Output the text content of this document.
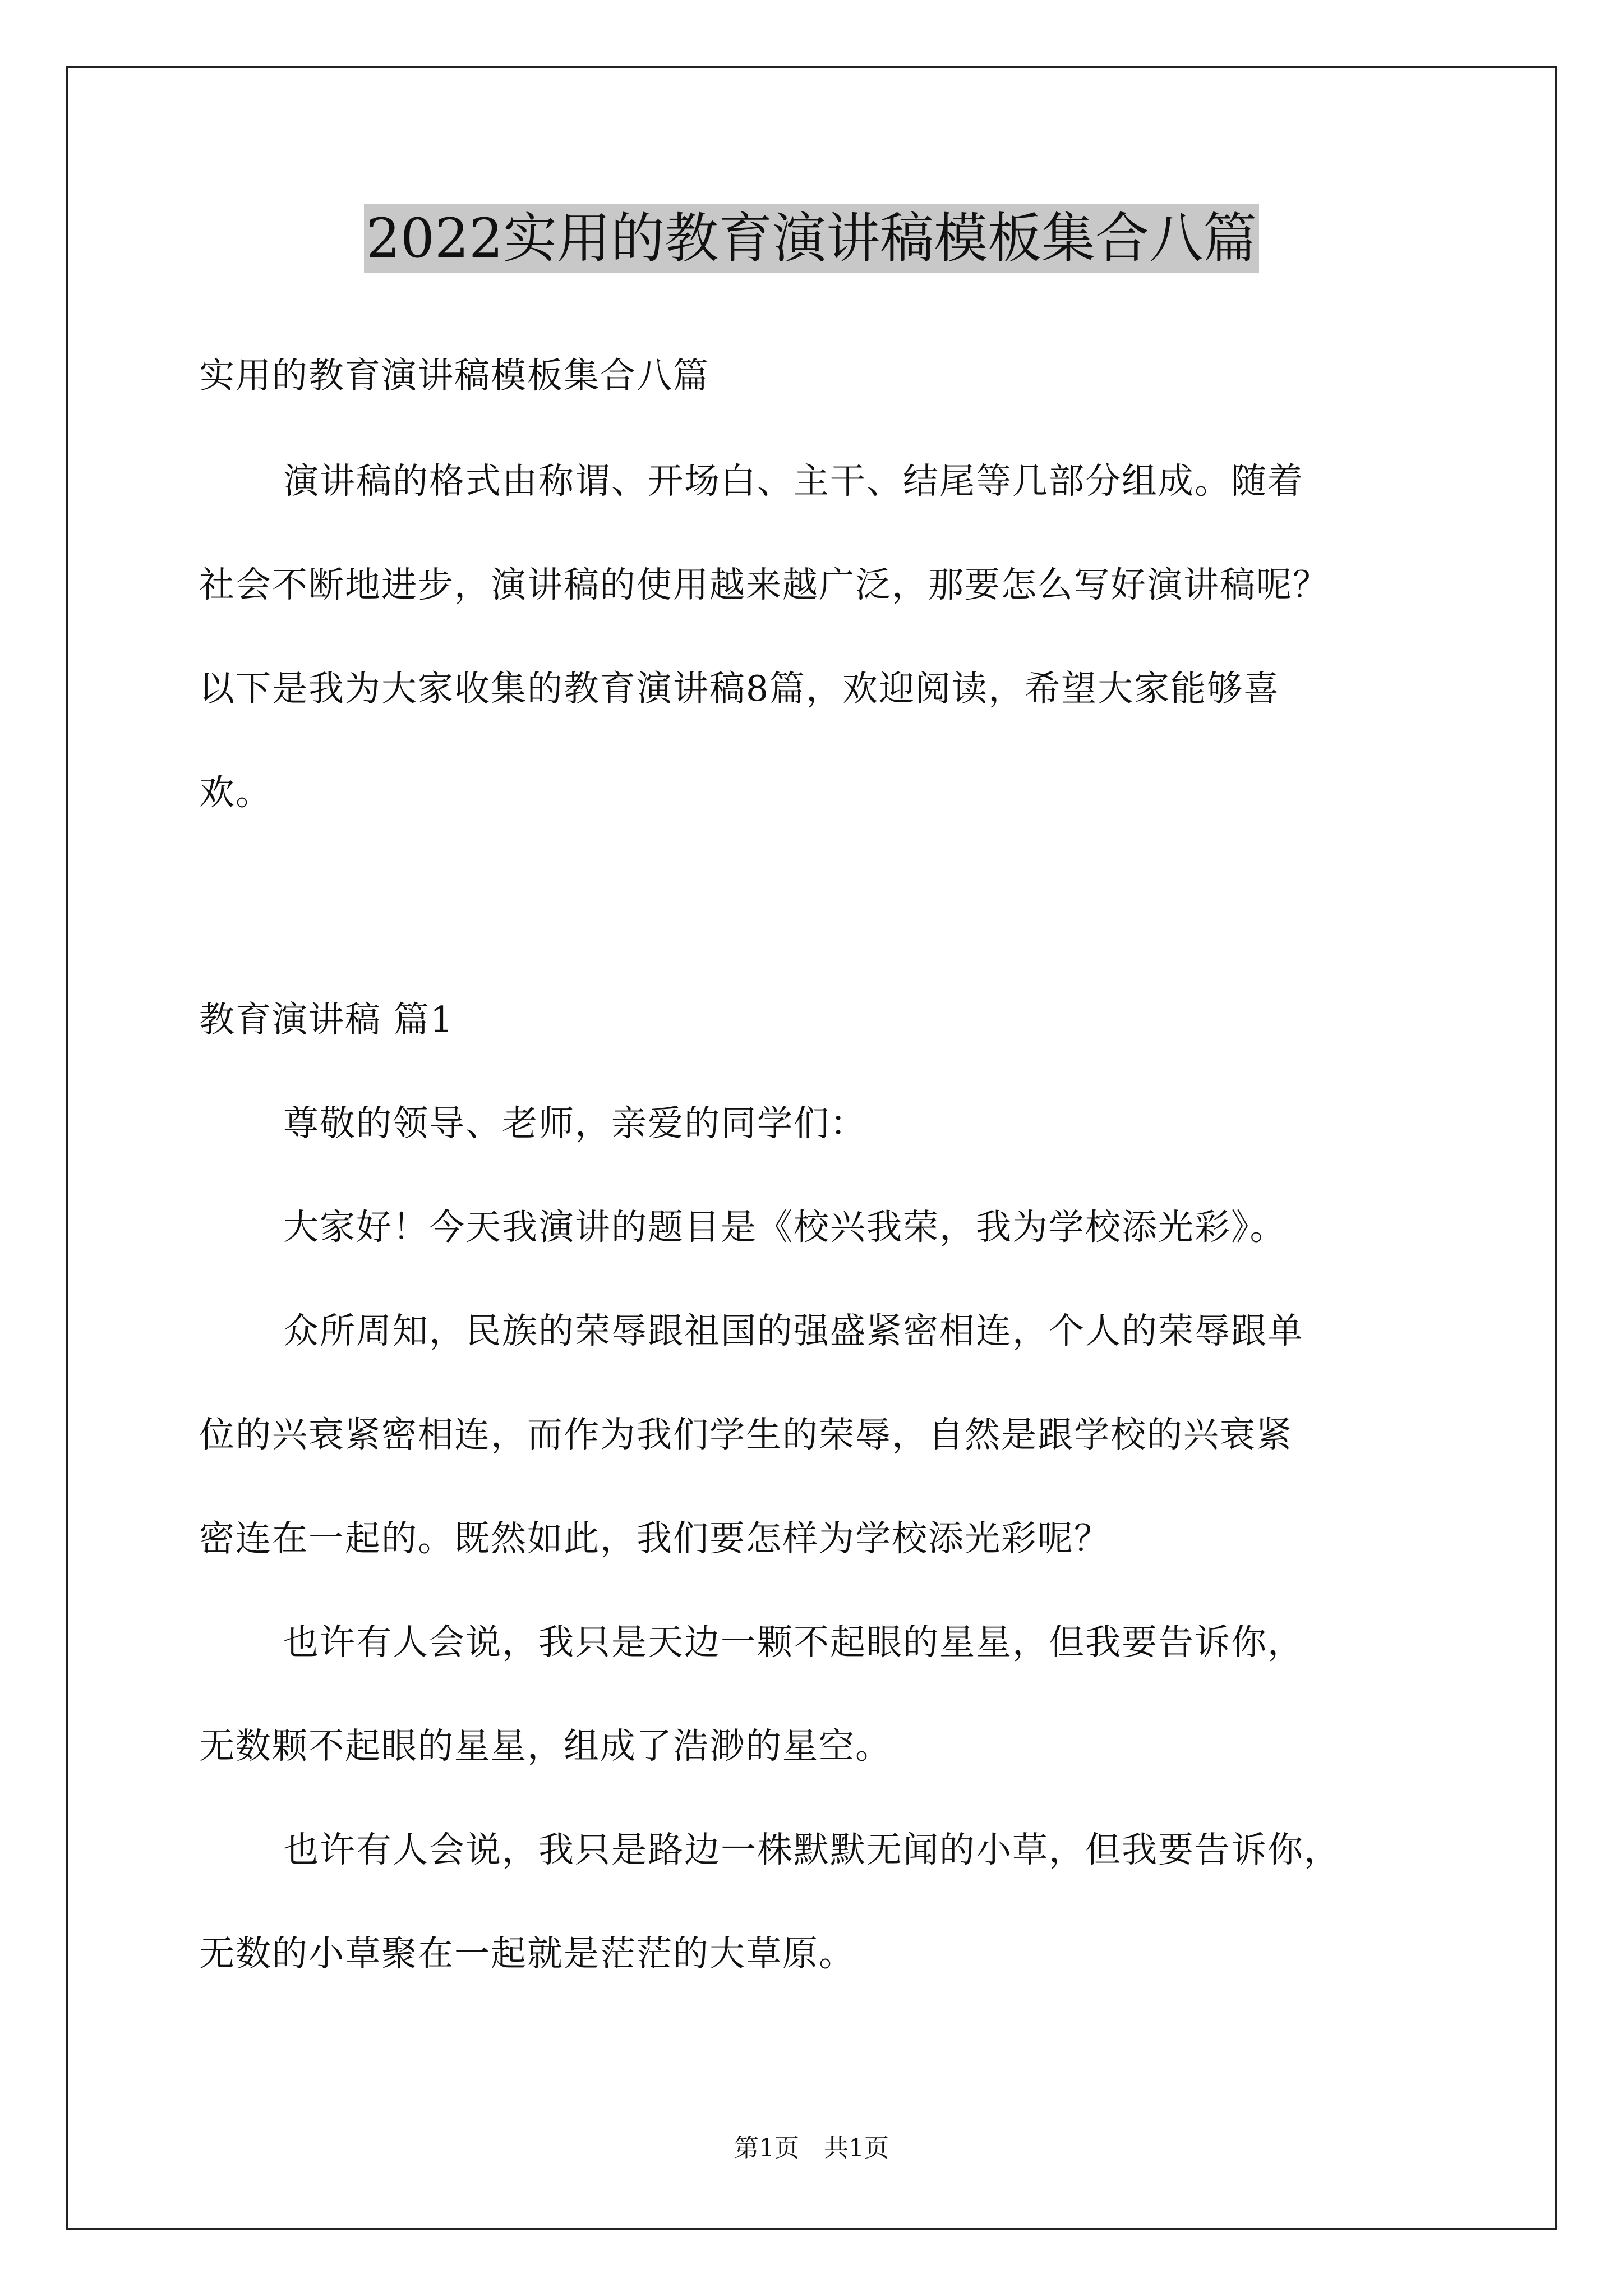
2022实用的教育演讲稿模板集合八篇
实用的教育演讲稿模板集合八篇
演讲稿的格式由称谓、开场白、主干、结尾等几部分组成。随着
社会不断地进步，演讲稿的使用越来越广泛，那要怎么写好演讲稿呢？
以下是我为大家收集的教育演讲稿8篇，欢迎阅读，希望大家能够喜
欢。
教育演讲稿 篇1
尊敬的领导、老师，亲爱的同学们：
大家好！今天我演讲的题目是《校兴我荣，我为学校添光彩》。
众所周知，民族的荣辱跟祖国的强盛紧密相连，个人的荣辱跟单
位的兴衰紧密相连，而作为我们学生的荣辱，自然是跟学校的兴衰紧
密连在一起的。既然如此，我们要怎样为学校添光彩呢？
也许有人会说，我只是天边一颗不起眼的星星，但我要告诉你，
无数颗不起眼的星星，组成了浩渺的星空。
也许有人会说，我只是路边一株默默无闻的小草，但我要告诉你，
无数的小草聚在一起就是茫茫的大草原。
第1页　共1页
